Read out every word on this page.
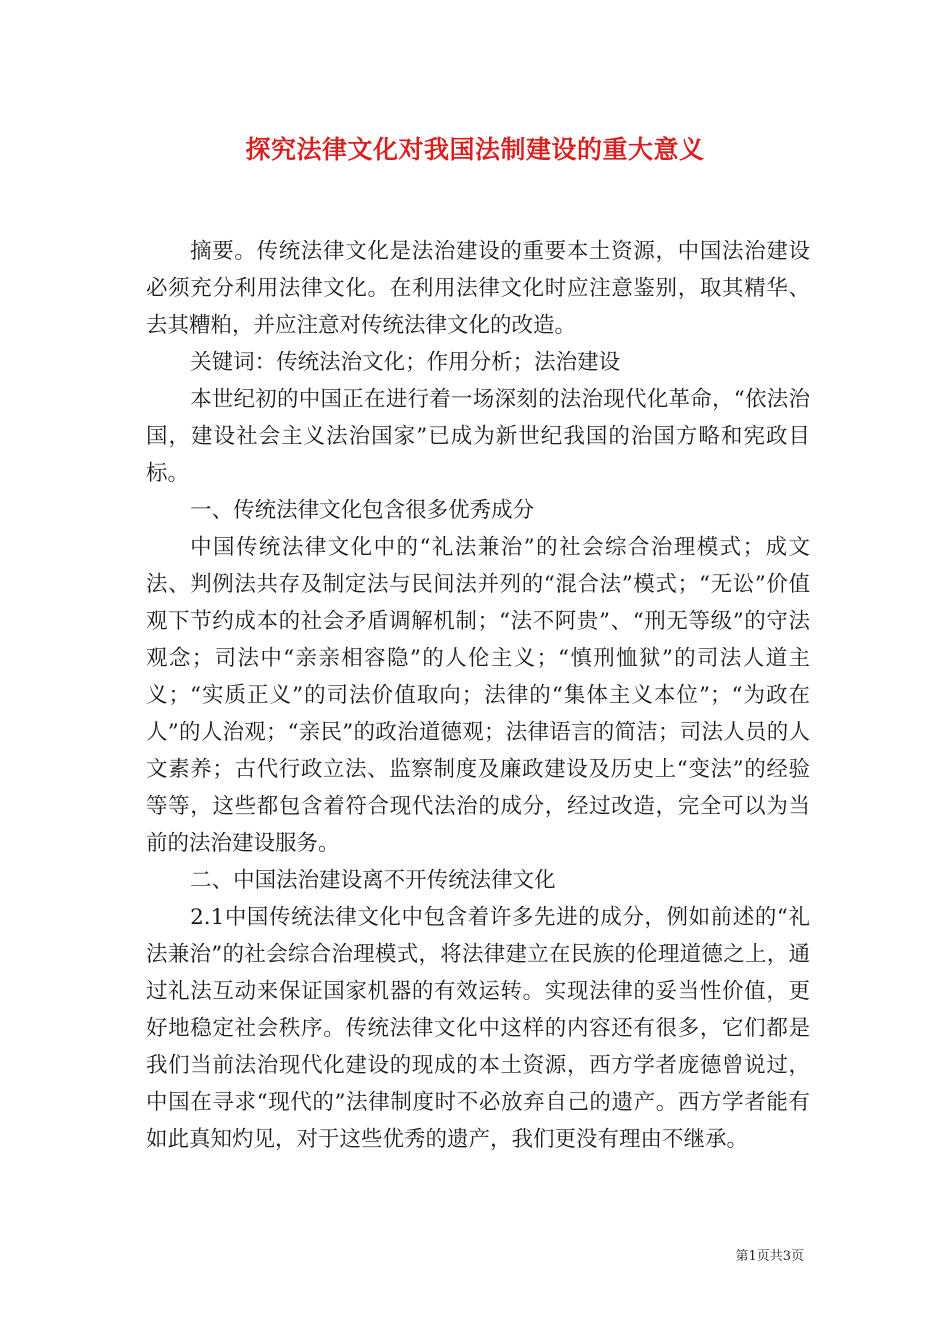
探究法律文化对我国法制建设的重大意义

摘要。传统法律文化是法治建设的重要本土资源，中国法治建设必须充分利用法律文化。在利用法律文化时应注意鉴别，取其精华、去其糟粕，并应注意对传统法律文化的改造。

关键词：传统法治文化；作用分析；法治建设

本世纪初的中国正在进行着一场深刻的法治现代化革命，“依法治国，建设社会主义法治国家”已成为新世纪我国的治国方略和宪政目标。

一、传统法律文化包含很多优秀成分

中国传统法律文化中的“礼法兼治”的社会综合治理模式；成文法、判例法共存及制定法与民间法并列的“混合法”模式；“无讼”价值观下节约成本的社会矛盾调解机制；“法不阿贵”、“刑无等级”的守法观念；司法中“亲亲相容隐”的人伦主义；“慎刑恤狱”的司法人道主义；“实质正义”的司法价值取向；法律的“集体主义本位”；“为政在人”的人治观；“亲民”的政治道德观；法律语言的简洁；司法人员的人文素养；古代行政立法、监察制度及廉政建设及历史上“变法”的经验等等，这些都包含着符合现代法治的成分，经过改造，完全可以为当前的法治建设服务。

二、中国法治建设离不开传统法律文化

2.1中国传统法律文化中包含着许多先进的成分，例如前述的“礼法兼治”的社会综合治理模式，将法律建立在民族的伦理道德之上，通过礼法互动来保证国家机器的有效运转。实现法律的妥当性价值，更好地稳定社会秩序。传统法律文化中这样的内容还有很多，它们都是我们当前法治现代化建设的现成的本土资源，西方学者庞德曾说过，中国在寻求“现代的”法律制度时不必放弃自己的遗产。西方学者能有如此真知灼见，对于这些优秀的遗产，我们更没有理由不继承。

第1页共3页
